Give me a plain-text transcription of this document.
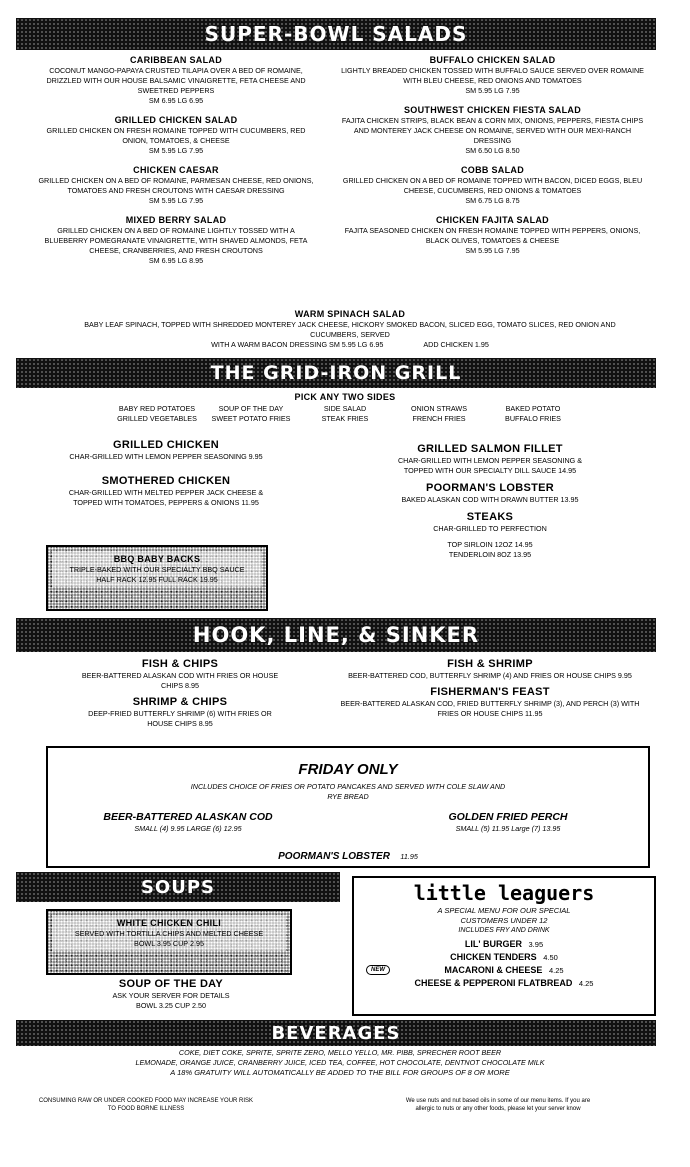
SUPER-BOWL SALADS
CARIBBEAN SALAD
COCONUT MANGO-PAPAYA CRUSTED TILAPIA OVER A BED OF ROMAINE, DRIZZLED WITH OUR HOUSE BALSAMIC VINAIGRETTE, FETA CHEESE AND SWEETRED PEPPERS
SM 6.95 LG 6.95
GRILLED CHICKEN SALAD
GRILLED CHICKEN ON FRESH ROMAINE TOPPED WITH CUCUMBERS, RED ONION, TOMATOES, & CHEESE
SM 5.95 LG 7.95
CHICKEN CAESAR
GRILLED CHICKEN ON A BED OF ROMAINE, PARMESAN CHEESE, RED ONIONS, TOMATOES AND FRESH CROUTONS WITH CAESAR DRESSING
SM 5.95 LG 7.95
MIXED BERRY SALAD
GRILLED CHICKEN ON A BED OF ROMAINE LIGHTLY TOSSED WITH A BLUEBERRY POMEGRANATE VINAIGRETTE, WITH SHAVED ALMONDS, FETA CHEESE, CRANBERRIES, AND FRESH CROUTONS
SM 6.95 LG 8.95
BUFFALO CHICKEN SALAD
LIGHTLY BREADED CHICKEN TOSSED WITH BUFFALO SAUCE SERVED OVER ROMAINE WITH BLEU CHEESE, RED ONIONS AND TOMATOES
SM 5.95 LG 7.95
SOUTHWEST CHICKEN FIESTA SALAD
FAJITA CHICKEN STRIPS, BLACK BEAN & CORN MIX, ONIONS, PEPPERS, FIESTA CHIPS AND MONTEREY JACK CHEESE ON ROMAINE, SERVED WITH OUR MEXI-RANCH DRESSING
SM 6.50 LG 8.50
COBB SALAD
GRILLED CHICKEN ON A BED OF ROMAINE TOPPED WITH BACON, DICED EGGS, BLEU CHEESE, CUCUMBERS, RED ONIONS & TOMATOES
SM 6.75 LG 8.75
CHICKEN FAJITA SALAD
FAJITA SEASONED CHICKEN ON FRESH ROMAINE TOPPED WITH PEPPERS, ONIONS, BLACK OLIVES, TOMATOES & CHEESE
SM 5.95 LG 7.95
WARM SPINACH SALAD
BABY LEAF SPINACH, TOPPED WITH SHREDDED MONTEREY JACK CHEESE, HICKORY SMOKED BACON, SLICED EGG, TOMATO SLICES, RED ONION AND CUCUMBERS, SERVED
WITH A WARM BACON DRESSING SM 5.95 LG 6.95	ADD CHICKEN 1.95
THE GRID-IRON GRILL
PICK ANY TWO SIDES
BABY RED POTATOES	SOUP OF THE DAY	SIDE SALAD	ONION STRAWS	BAKED POTATO
GRILLED VEGETABLES	SWEET POTATO FRIES	STEAK FRIES	FRENCH FRIES	BUFFALO FRIES
GRILLED CHICKEN
CHAR-GRILLED WITH LEMON PEPPER SEASONING 9.95
SMOTHERED CHICKEN
CHAR-GRILLED WITH MELTED PEPPER JACK CHEESE & TOPPED WITH TOMATOES, PEPPERS & ONIONS 11.95
BBQ BABY BACKS
TRIPLE-BAKED WITH OUR SPECIALTY BBQ SAUCE
HALF RACK 12.95 FULL RACK 19.95
GRILLED SALMON FILLET
CHAR-GRILLED WITH LEMON PEPPER SEASONING & TOPPED WITH OUR SPECIALTY DILL SAUCE 14.95
POORMAN'S LOBSTER
BAKED ALASKAN COD WITH DRAWN BUTTER 13.95
STEAKS
CHAR-GRILLED TO PERFECTION
TOP SIRLOIN 12OZ 14.95
TENDERLOIN 8OZ 13.95
HOOK, LINE, & SINKER
FISH & CHIPS
BEER-BATTERED ALASKAN COD WITH FRIES OR HOUSE CHIPS 8.95
SHRIMP & CHIPS
DEEP-FRIED BUTTERFLY SHRIMP (6) WITH FRIES OR HOUSE CHIPS 8.95
FISH & SHRIMP
BEER-BATTERED COD, BUTTERFLY SHRIMP (4) AND FRIES OR HOUSE CHIPS 9.95
FISHERMAN'S FEAST
BEER-BATTERED ALASKAN COD, FRIED BUTTERFLY SHRIMP (3), AND PERCH (3) WITH FRIES OR HOUSE CHIPS 11.95
FRIDAY ONLY
INCLUDES CHOICE OF FRIES OR POTATO PANCAKES AND SERVED WITH COLE SLAW AND RYE BREAD
BEER-BATTERED ALASKAN COD
SMALL (4) 9.95 LARGE (6) 12.95
GOLDEN FRIED PERCH
SMALL (5) 11.95 Large (7) 13.95
POORMAN'S LOBSTER 11.95
SOUPS
WHITE CHICKEN CHILI
SERVED WITH TORTILLA CHIPS AND MELTED CHEESE
BOWL 3.95 CUP 2.95
SOUP OF THE DAY
ASK YOUR SERVER FOR DETAILS
BOWL 3.25 CUP 2.50
little leaguers
A SPECIAL MENU FOR OUR SPECIAL
CUSTOMERS UNDER 12
INCLUDES FRY AND DRINK
LIL' BURGER 3.95
CHICKEN TENDERS 4.50
NEW	MACARONI & CHEESE 4.25
CHEESE & PEPPERONI FLATBREAD 4.25
BEVERAGES
COKE, DIET COKE, SPRITE, SPRITE ZERO, MELLO YELLO, MR. PIBB, SPRECHER ROOT BEER
LEMONADE, ORANGE JUICE, CRANBERRY JUICE, ICED TEA, COFFEE, HOT CHOCOLATE, DENTNOT CHOCOLATE MILK
A 18% GRATUITY WILL AUTOMATICALLY BE ADDED TO THE BILL FOR GROUPS OF 8 OR MORE
CONSUMING RAW OR UNDER COOKED FOOD MAY INCREASE YOUR RISK TO FOOD BORNE ILLNESS
We use nuts and nut based oils in some of our menu items. If you are allergic to nuts or any other foods, please let your server know
